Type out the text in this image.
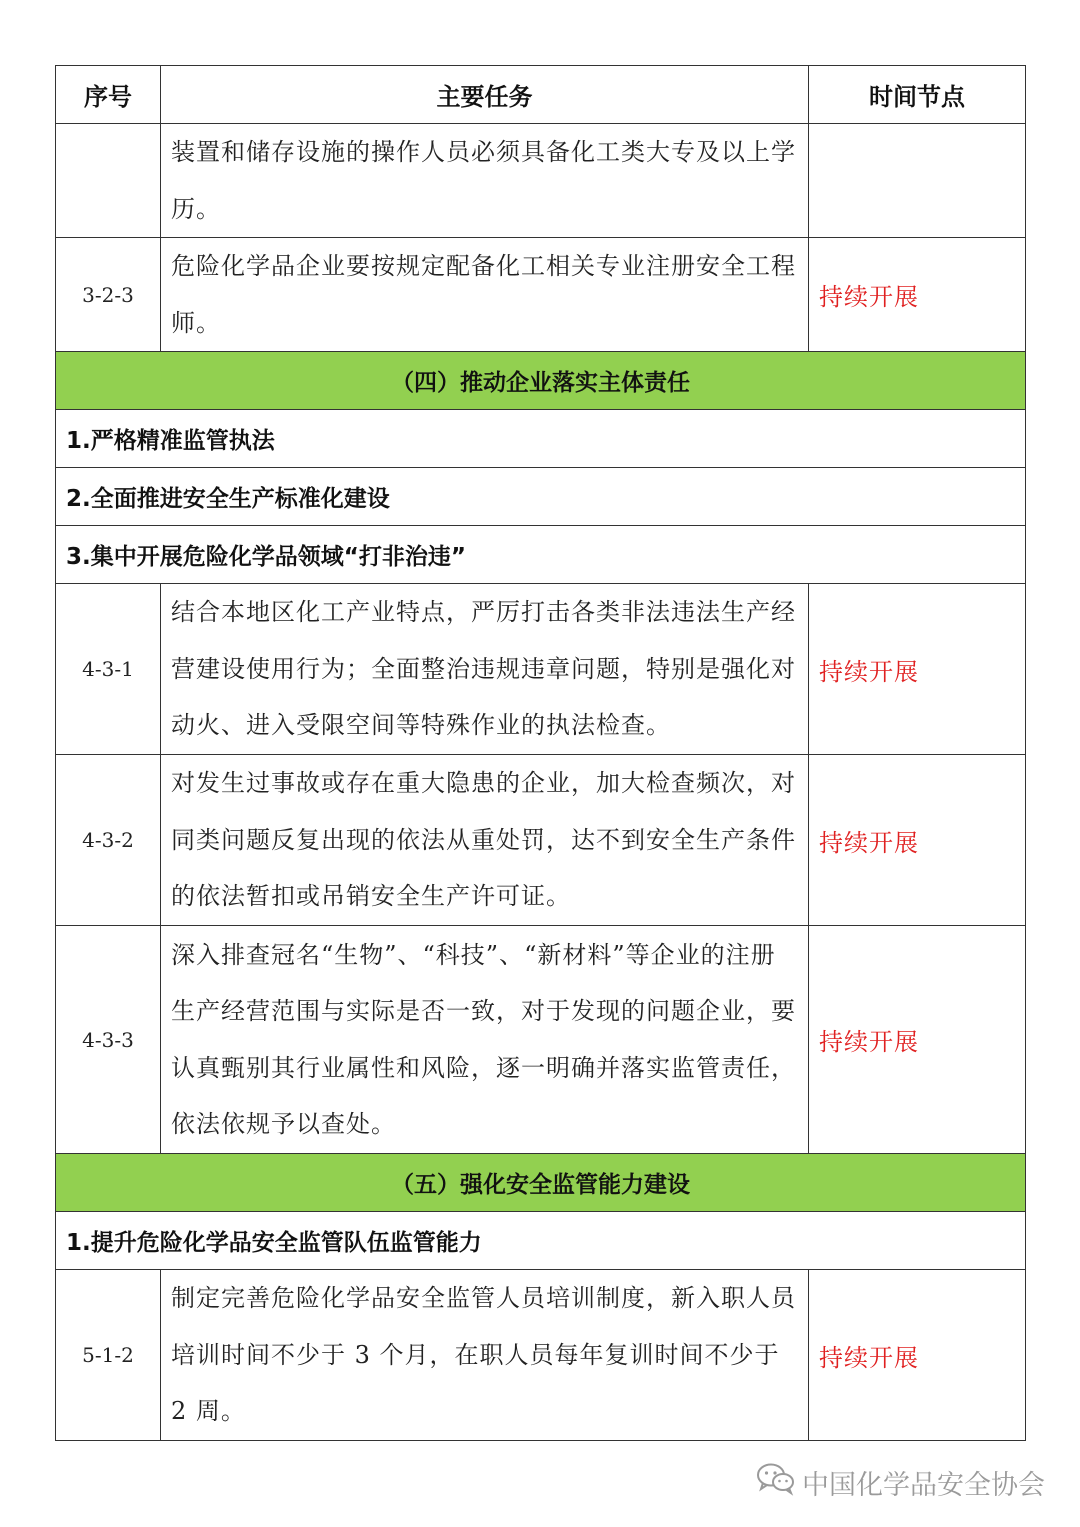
序号	主要任务	时间节点
	装置和储存设施的操作人员必须具备化工类大专及以上学历。	
3-2-3	危险化学品企业要按规定配备化工相关专业注册安全工程师。	持续开展
（四）推动企业落实主体责任		
1.严格精准监管执法		
2.全面推进安全生产标准化建设		
3.集中开展危险化学品领域“打非治违”		
4-3-1	结合本地区化工产业特点，严厉打击各类非法违法生产经营建设使用行为；全面整治违规违章问题，特别是强化对动火、进入受限空间等特殊作业的执法检查。	持续开展
4-3-2	对发生过事故或存在重大隐患的企业，加大检查频次，对同类问题反复出现的依法从重处罚，达不到安全生产条件的依法暂扣或吊销安全生产许可证。	持续开展
4-3-3	深入排查冠名“生物”、“科技”、“新材料”等企业的注册生产经营范围与实际是否一致，对于发现的问题企业，要认真甄别其行业属性和风险，逐一明确并落实监管责任，依法依规予以查处。	持续开展
（五）强化安全监管能力建设		
1.提升危险化学品安全监管队伍监管能力		
5-1-2	制定完善危险化学品安全监管人员培训制度，新入职人员培训时间不少于 3 个月，在职人员每年复训时间不少于 2 周。	持续开展
中国化学品安全协会
